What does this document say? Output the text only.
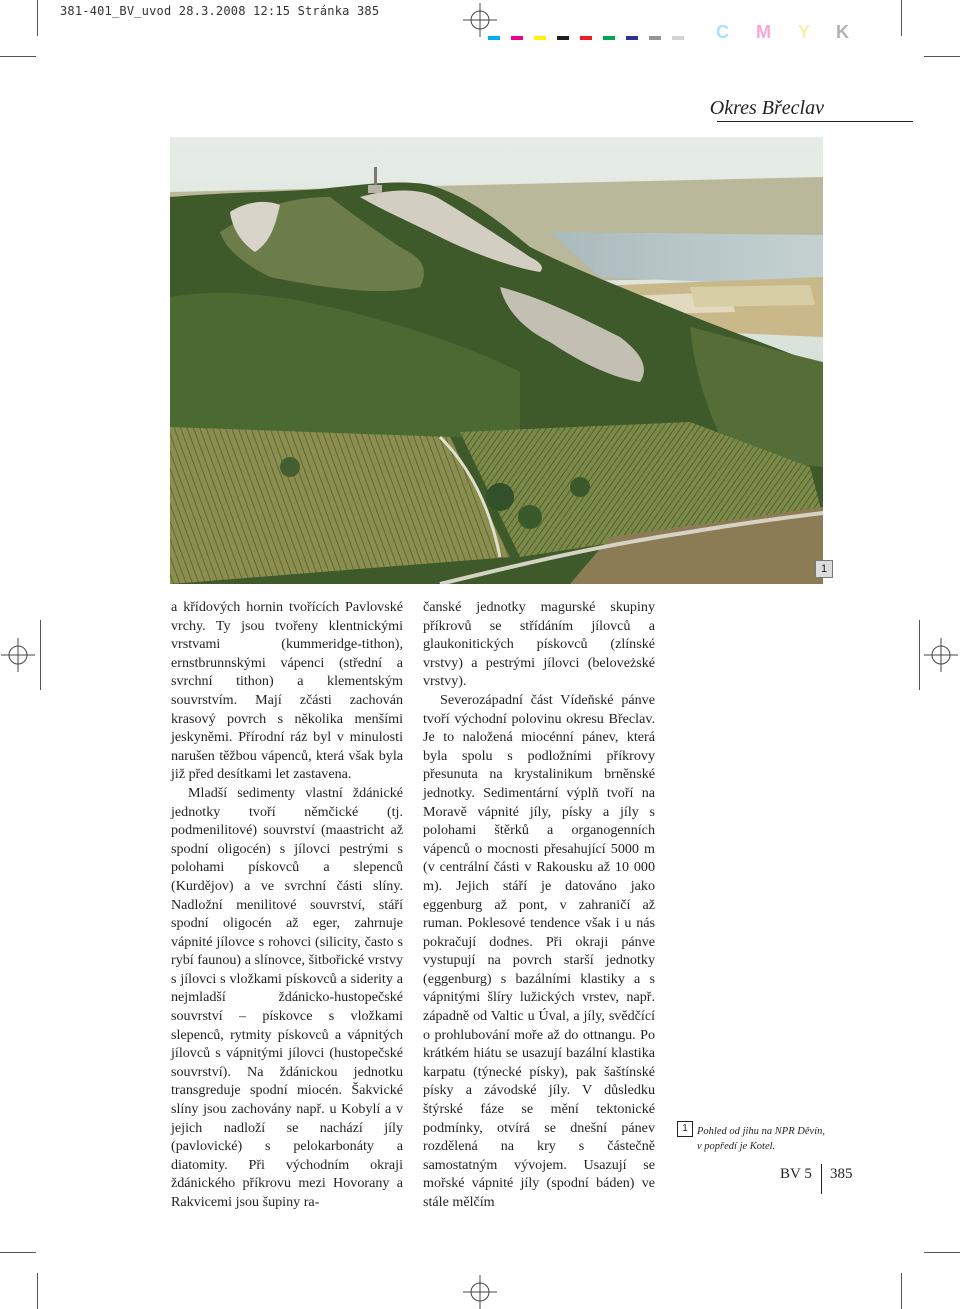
381-401_BV_uvod 28.3.2008 12:15 Stránka 385
C M Y K
Okres Břeclav
1

a křídových hornin tvořících Pavlovské vrchy. Ty jsou tvořeny klentnickými vrstvami (kummeridge-tithon), ernstbrunnskými vápenci (střední a svrchní tithon) a klementským souvrstvím. Mají zčásti zachován krasový povrch s několika menšími jeskyněmi. Přírodní ráz byl v minulosti narušen těžbou vápenců, která však byla již před desítkami let zastavena.

Mladší sedimenty vlastní ždánické jednotky tvoří němčické (tj. podmenilitové) souvrství (maastricht až spodní oligocén) s jílovci pestrými s polohami pískovců a slepenců (Kurdějov) a ve svrchní části slíny. Nadložní menilitové souvrství, stáří spodní oligocén až eger, zahrnuje vápnité jílovce s rohovci (silicity, často s rybí faunou) a slínovce, šitbořické vrstvy s jílovci s vložkami pískovců a siderity a nejmladší ždánicko-hustopečské souvrství – pískovce s vložkami slepenců, rytmity pískovců a vápnitých jílovců s vápnitými jílovci (hustopečské souvrství). Na ždánickou jednotku transgreduje spodní miocén. Šakvické slíny jsou zachovány např. u Kobylí a v jejich nadloží se nachází jíly (pavlovické) s pelokarbonáty a diatomity. Při východním okraji ždánického příkrovu mezi Hovorany a Rakvicemi jsou šupiny ra-

čanské jednotky magurské skupiny příkrovů se střídáním jílovců a glaukonitických pískovců (zlínské vrstvy) a pestrými jílovci (beloveżské vrstvy).

Severozápadní část Vídeňské pánve tvoří východní polovinu okresu Břeclav. Je to naložená miocénní pánev, která byla spolu s podložními příkrovy přesunuta na krystalinikum brněnské jednotky. Sedimentární výplň tvoří na Moravě vápnité jíly, písky a jíly s polohami štěrků a organogenních vápenců o mocnosti přesahující 5000 m (v centrální části v Rakousku až 10 000 m). Jejich stáří je datováno jako eggenburg až pont, v zahraničí až ruman. Poklesové tendence však i u nás pokračují dodnes. Při okraji pánve vystupují na povrch starší jednotky (eggenburg) s bazálními klastiky a s vápnitými šlíry lužických vrstev, např. západně od Valtic u Úval, a jíly, svědčící o prohlubování moře až do ottnangu. Po krátkém hiátu se usazují bazální klastika karpatu (týnecké písky), pak šaštínské písky a závodské jíly. V důsledku štýrské fáze se mění tektonické podmínky, otvírá se dnešní pánev rozdělená na kry s částečně samostatným vývojem. Usazují se mořské vápnité jíly (spodní báden) ve stále mělčím

1 Pohled od jihu na NPR Děvín, v popředí je Kotel.
BV 5 385
